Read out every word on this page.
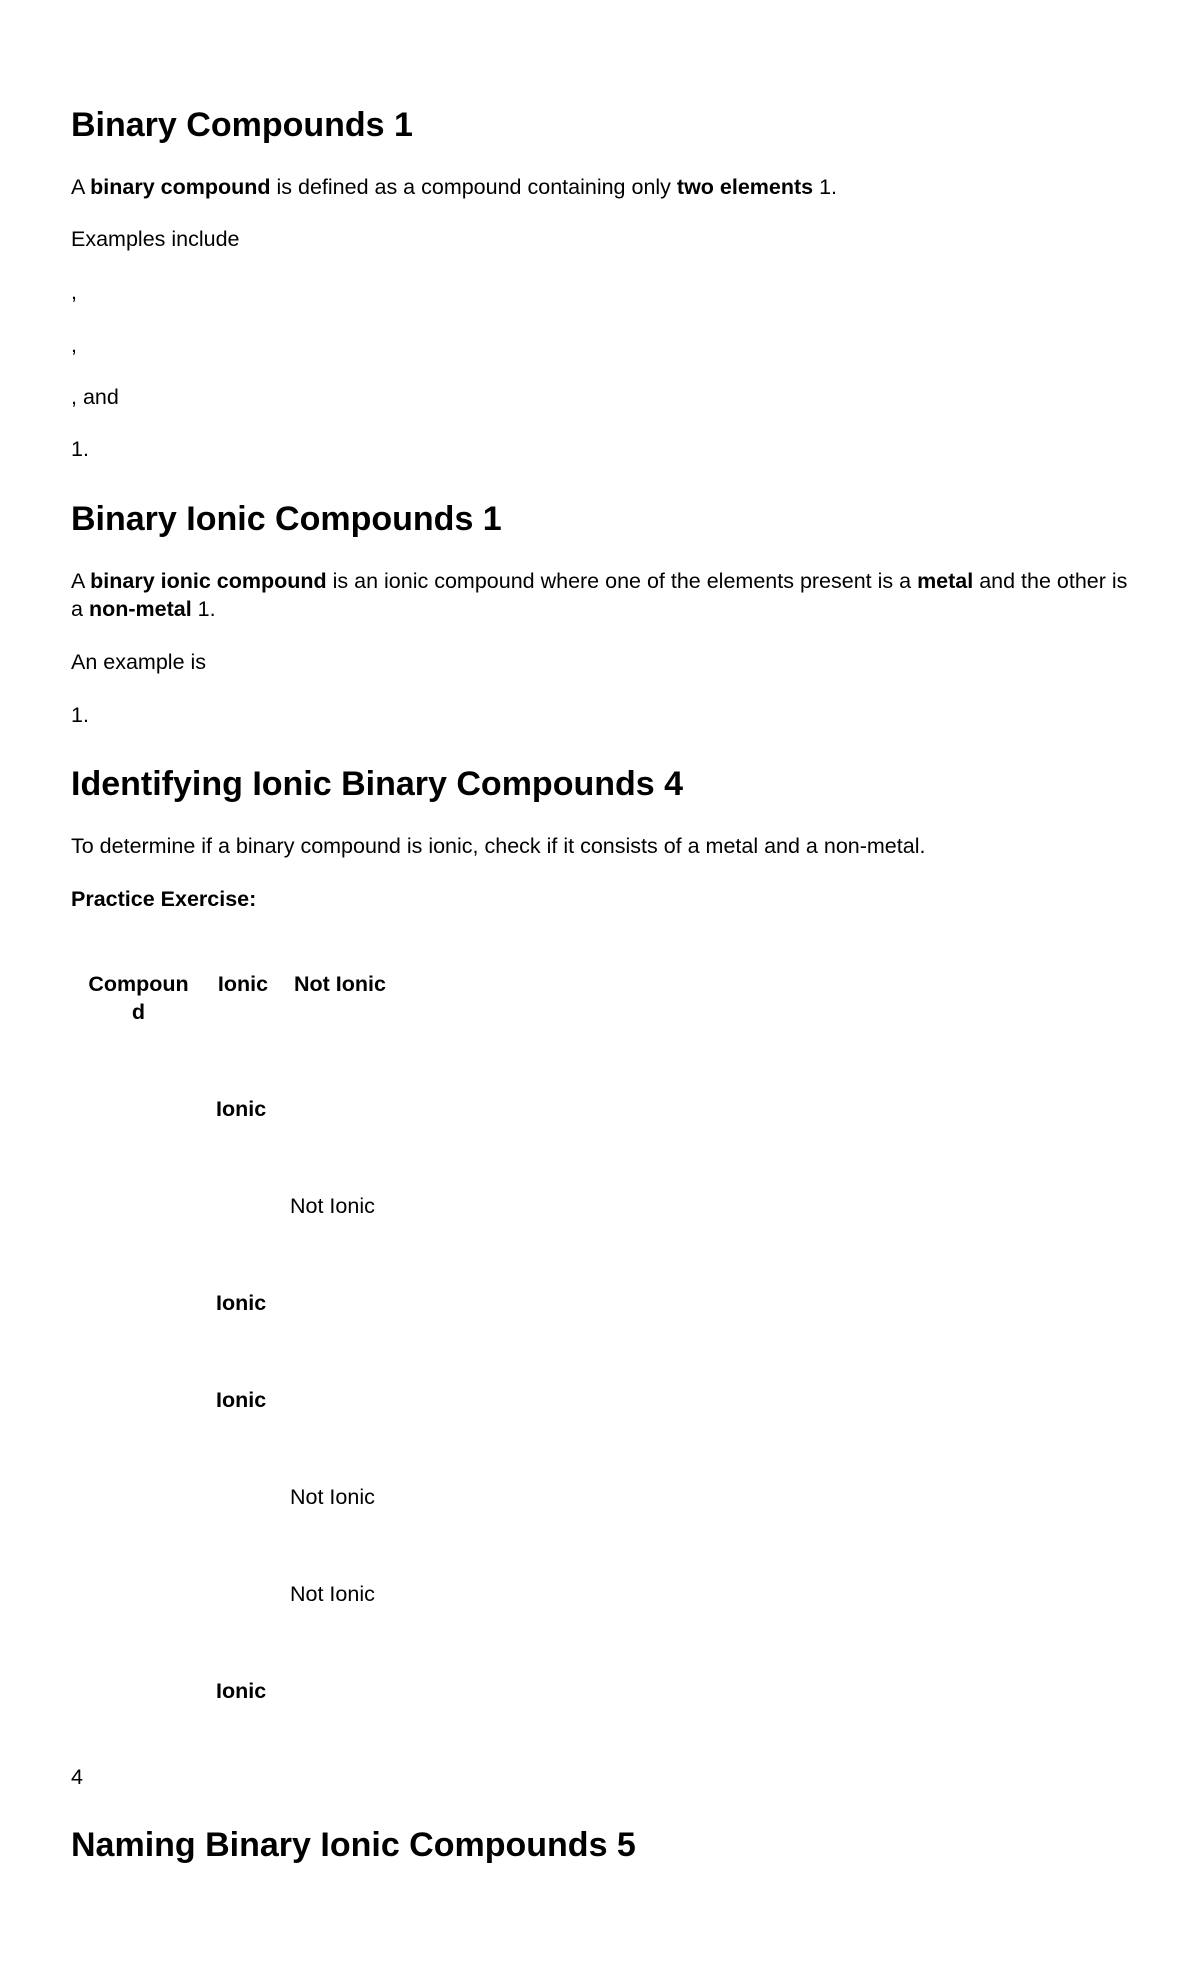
Binary Compounds 1

A binary compound is defined as a compound containing only two elements 1.

Examples include

,

,

, and

1.

Binary Ionic Compounds 1

A binary ionic compound is an ionic compound where one of the elements present is a metal and the other is a non-metal 1.

An example is

1.

Identifying Ionic Binary Compounds 4

To determine if a binary compound is ionic, check if it consists of a metal and a non-metal.

Practice Exercise:

Compoun
d
Ionic	Not Ionic
Ionic
Not Ionic
Ionic
Ionic
Not Ionic
Not Ionic
Ionic

4

Naming Binary Ionic Compounds 5
